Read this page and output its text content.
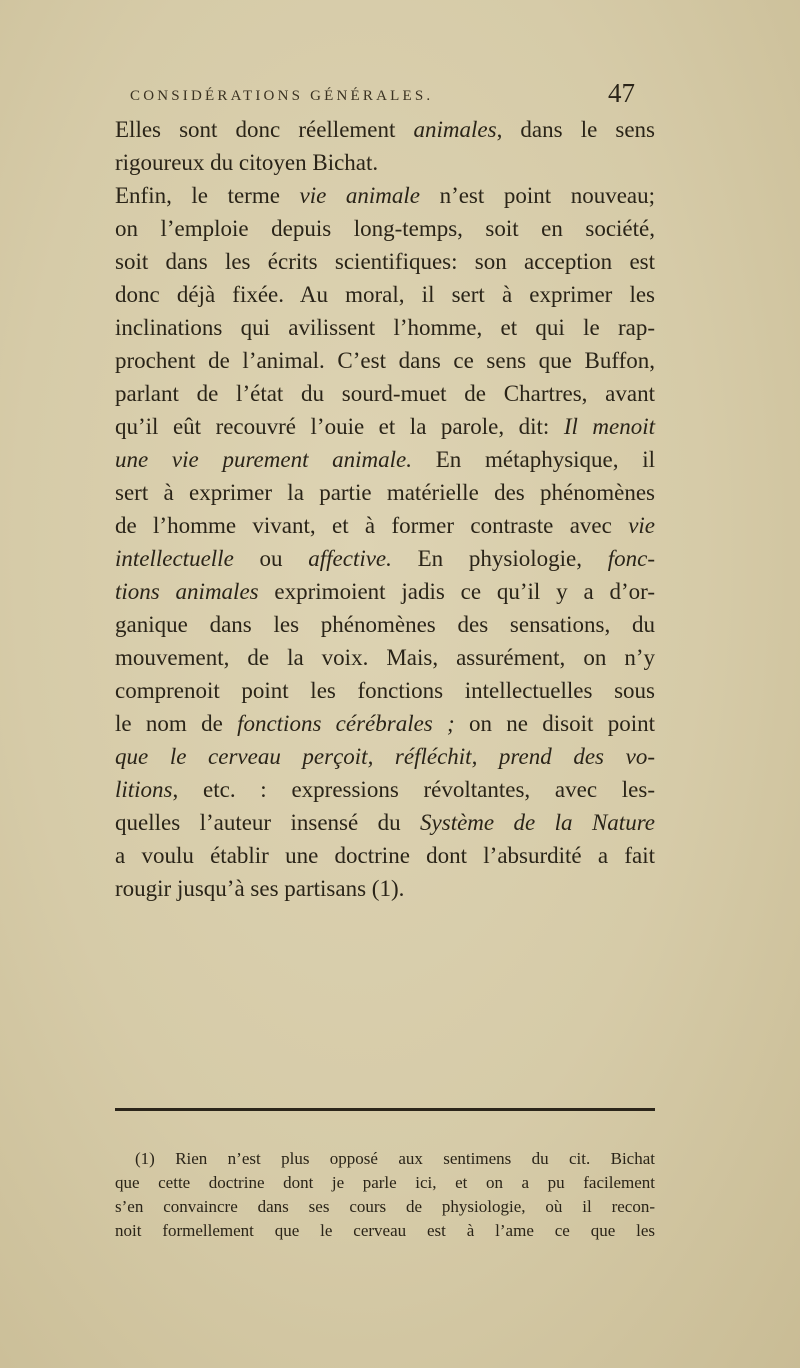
CONSIDÉRATIONS GÉNÉRALES.	47
Elles sont donc réellement animales, dans le sens
rigoureux du citoyen Bichat.
Enfin, le terme vie animale n’est point nouveau;
on l’emploie depuis long-temps, soit en société,
soit dans les écrits scientifiques: son acception est
donc déjà fixée. Au moral, il sert à exprimer les
inclinations qui avilissent l’homme, et qui le rap-
prochent de l’animal. C’est dans ce sens que Buffon,
parlant de l’état du sourd-muet de Chartres, avant
qu’il eût recouvré l’ouie et la parole, dit: Il menoit
une vie purement animale. En métaphysique, il
sert à exprimer la partie matérielle des phénomènes
de l’homme vivant, et à former contraste avec vie
intellectuelle ou affective. En physiologie, fonc-
tions animales exprimoient jadis ce qu’il y a d’or-
ganique dans les phénomènes des sensations, du
mouvement, de la voix. Mais, assurément, on n’y
comprenoit point les fonctions intellectuelles sous
le nom de fonctions cérébrales ; on ne disoit point
que le cerveau perçoit, réfléchit, prend des vo-
litions, etc. : expressions révoltantes, avec les-
quelles l’auteur insensé du Système de la Nature
a voulu établir une doctrine dont l’absurdité a fait
rougir jusqu’à ses partisans (1).
(1) Rien n’est plus opposé aux sentimens du cit. Bichat
que cette doctrine dont je parle ici, et on a pu facilement
s’en convaincre dans ses cours de physiologie, où il recon-
noit formellement que le cerveau est à l’ame ce que les
